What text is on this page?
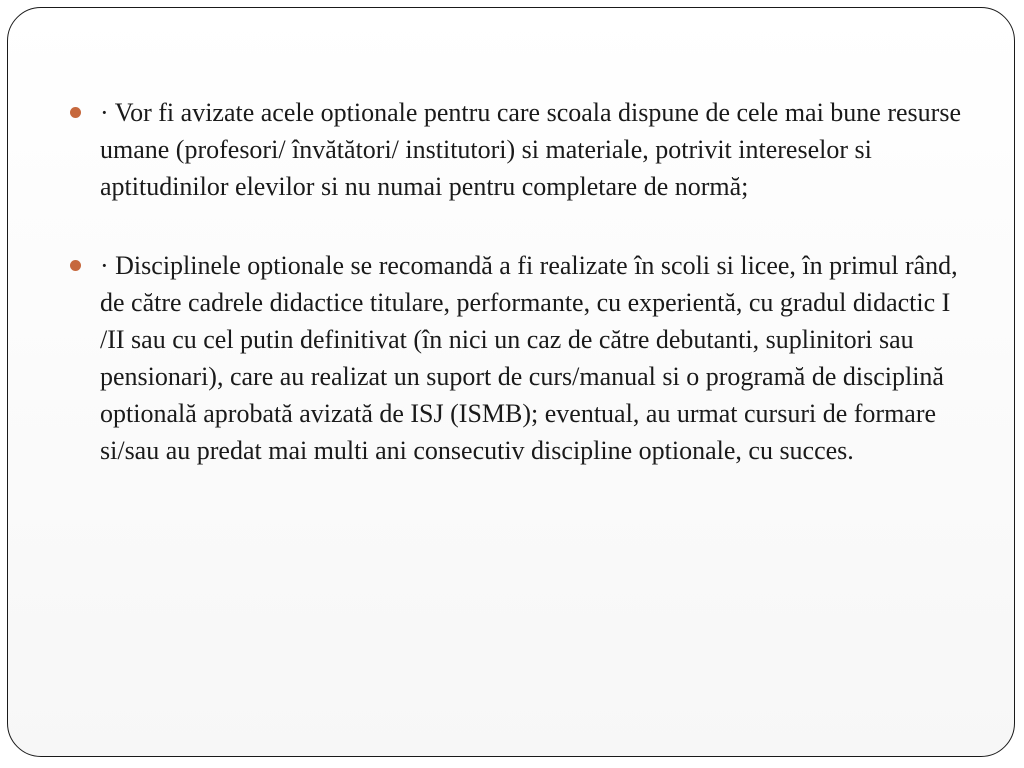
· Vor fi avizate acele optionale pentru care scoala dispune de cele mai bune resurse umane (profesori/ învătători/ institutori) si materiale, potrivit intereselor si aptitudinilor elevilor si nu numai pentru completare de normă;
· Disciplinele optionale se recomandă a fi realizate în scoli si licee, în primul rând, de către cadrele didactice titulare, performante, cu experientă, cu gradul didactic I /II sau cu cel putin definitivat (în nici un caz de către debutanti, suplinitori sau pensionari), care au realizat un suport de curs/manual si o programă de disciplină optională aprobată avizată de ISJ (ISMB); eventual, au urmat cursuri de formare si/sau au predat mai multi ani consecutiv discipline optionale, cu succes.
